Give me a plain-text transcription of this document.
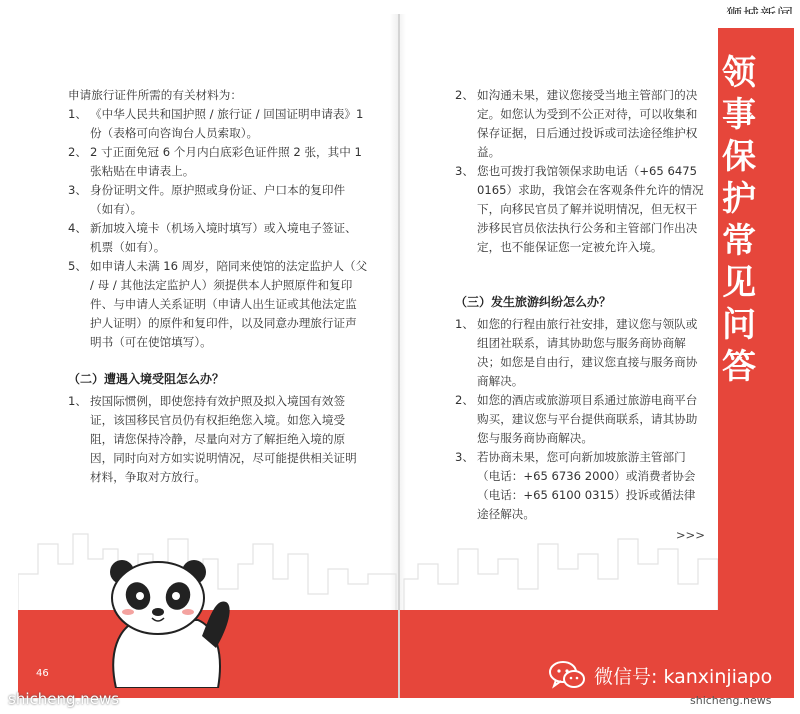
领
事
保
护
常
见
问
答

申请旅行证件所需的有关材料为：

1、 《中华人民共和国护照 / 旅行证 / 回国证明申请表》1 份（表格可向咨询台人员索取）。

2、 2 寸正面免冠 6 个月内白底彩色证件照 2 张，其中 1 张粘贴在申请表上。

3、 身份证明文件。原护照或身份证、户口本的复印件（如有）。

4、 新加坡入境卡（机场入境时填写）或入境电子签证、机票（如有）。

5、 如申请人未满 16 周岁，陪同来使馆的法定监护人（父 / 母 / 其他法定监护人）须提供本人护照原件和复印件、与申请人关系证明（申请人出生证或其他法定监护人证明）的原件和复印件，以及同意办理旅行证声明书（可在使馆填写）。

（二）遭遇入境受阻怎么办？

1、 按国际惯例，即使您持有效护照及拟入境国有效签证，该国移民官员仍有权拒绝您入境。如您入境受阻，请您保持冷静，尽量向对方了解拒绝入境的原因，同时向对方如实说明情况，尽可能提供相关证明材料，争取对方放行。

2、 如沟通未果，建议您接受当地主管部门的决定。如您认为受到不公正对待，可以收集和保存证据，日后通过投诉或司法途径维护权益。

3、 您也可拨打我馆领保求助电话（+65 6475 0165）求助，我馆会在客观条件允许的情况下，向移民官员了解并说明情况，但无权干涉移民官员依法执行公务和主管部门作出决定，也不能保证您一定被允许入境。

（三）发生旅游纠纷怎么办？

1、 如您的行程由旅行社安排，建议您与领队或组团社联系，请其协助您与服务商协商解决；如您是自由行，建议您直接与服务商协商解决。

2、 如您的酒店或旅游项目系通过旅游电商平台购买，建议您与平台提供商联系，请其协助您与服务商协商解决。

3、 若协商未果，您可向新加坡旅游主管部门（电话：+65 6736 2000）或消费者协会（电话：+65 6100 0315）投诉或循法律途径解决。

>>>

46	微信号: kanxinjiapo
shicheng.news	shicheng.news
